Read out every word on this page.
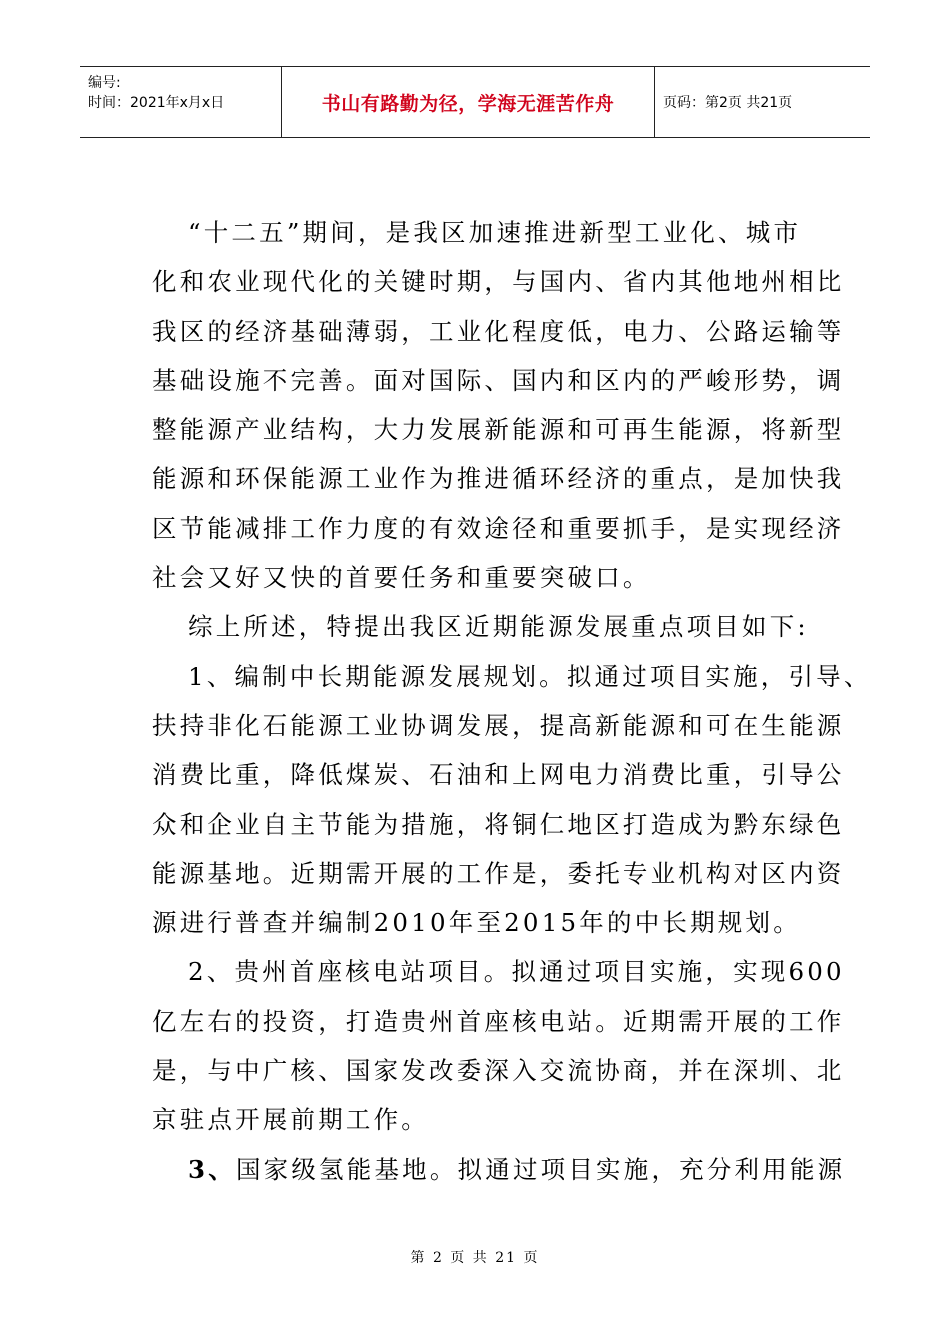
编号:
时间：2021年x月x日	书山有路勤为径，学海无涯苦作舟	页码：第2页 共21页
“十二五”期间，是我区加速推进新型工业化、城市
化和农业现代化的关键时期，与国内、省内其他地州相比
我区的经济基础薄弱，工业化程度低，电力、公路运输等
基础设施不完善。面对国际、国内和区内的严峻形势，调
整能源产业结构，大力发展新能源和可再生能源，将新型
能源和环保能源工业作为推进循环经济的重点，是加快我
区节能减排工作力度的有效途径和重要抓手，是实现经济
社会又好又快的首要任务和重要突破口。
综上所述，特提出我区近期能源发展重点项目如下:
1、编制中长期能源发展规划。拟通过项目实施，引导、
扶持非化石能源工业协调发展，提高新能源和可在生能源
消费比重，降低煤炭、石油和上网电力消费比重，引导公
众和企业自主节能为措施，将铜仁地区打造成为黔东绿色
能源基地。近期需开展的工作是，委托专业机构对区内资
源进行普查并编制2010年至2015年的中长期规划。
2、贵州首座核电站项目。拟通过项目实施，实现600
亿左右的投资，打造贵州首座核电站。近期需开展的工作
是，与中广核、国家发改委深入交流协商，并在深圳、北
京驻点开展前期工作。
3、国家级氢能基地。拟通过项目实施，充分利用能源
第 2 页 共 21 页
